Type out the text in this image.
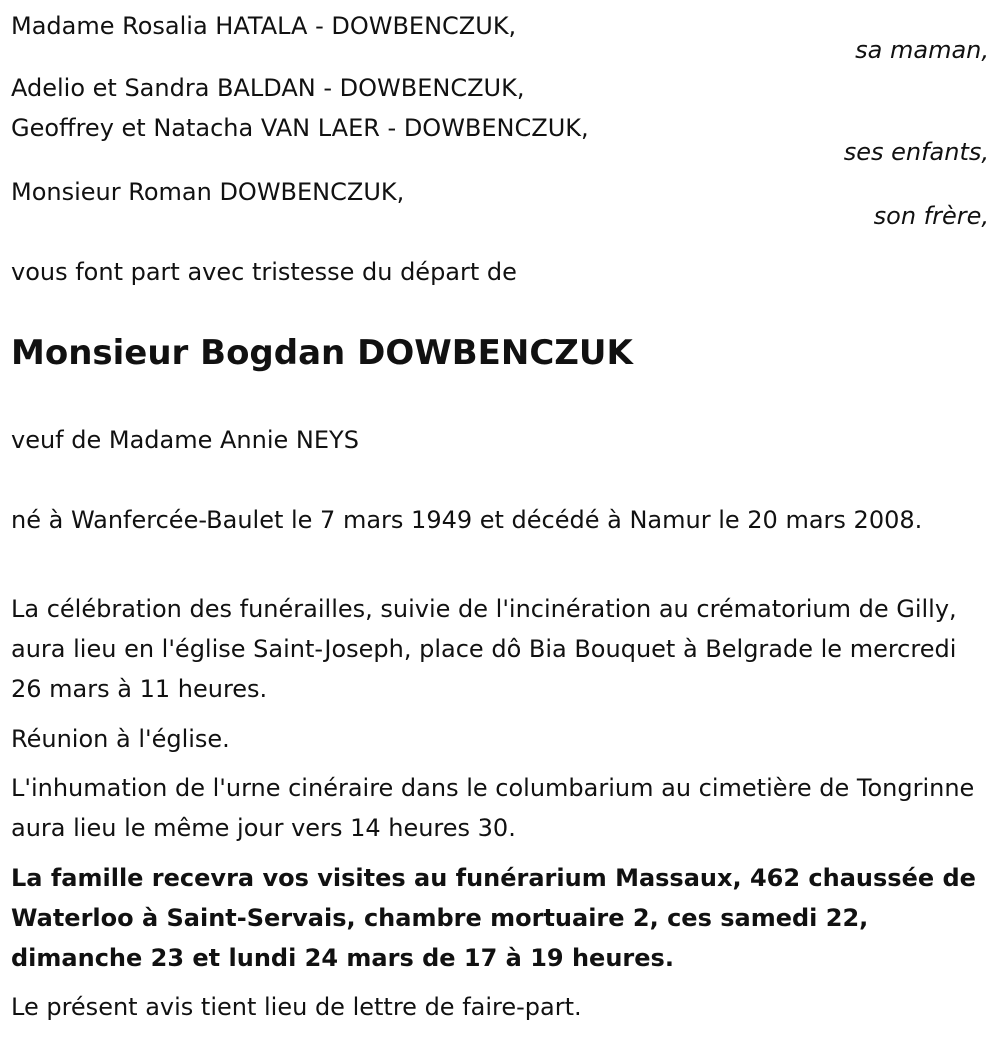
Madame Rosalia HATALA - DOWBENCZUK,
sa maman,
Adelio et Sandra BALDAN - DOWBENCZUK,
Geoffrey et Natacha VAN LAER - DOWBENCZUK,
ses enfants,
Monsieur Roman DOWBENCZUK,
son frère,
vous font part avec tristesse du départ de
Monsieur Bogdan DOWBENCZUK
veuf de Madame Annie NEYS
né à Wanfercée-Baulet le 7 mars 1949 et décédé à Namur le 20 mars 2008.
La célébration des funérailles, suivie de l'incinération au crématorium de Gilly, aura lieu en l'église Saint-Joseph, place dô Bia Bouquet à Belgrade le mercredi 26 mars à 11 heures.
Réunion à l'église.
L'inhumation de l'urne cinéraire dans le columbarium au cimetière de Tongrinne aura lieu le même jour vers 14 heures 30.
La famille recevra vos visites au funérarium Massaux, 462 chaussée de Waterloo à Saint-Servais, chambre mortuaire 2, ces samedi 22, dimanche 23 et lundi 24 mars de 17 à 19 heures.
Le présent avis tient lieu de lettre de faire-part.
